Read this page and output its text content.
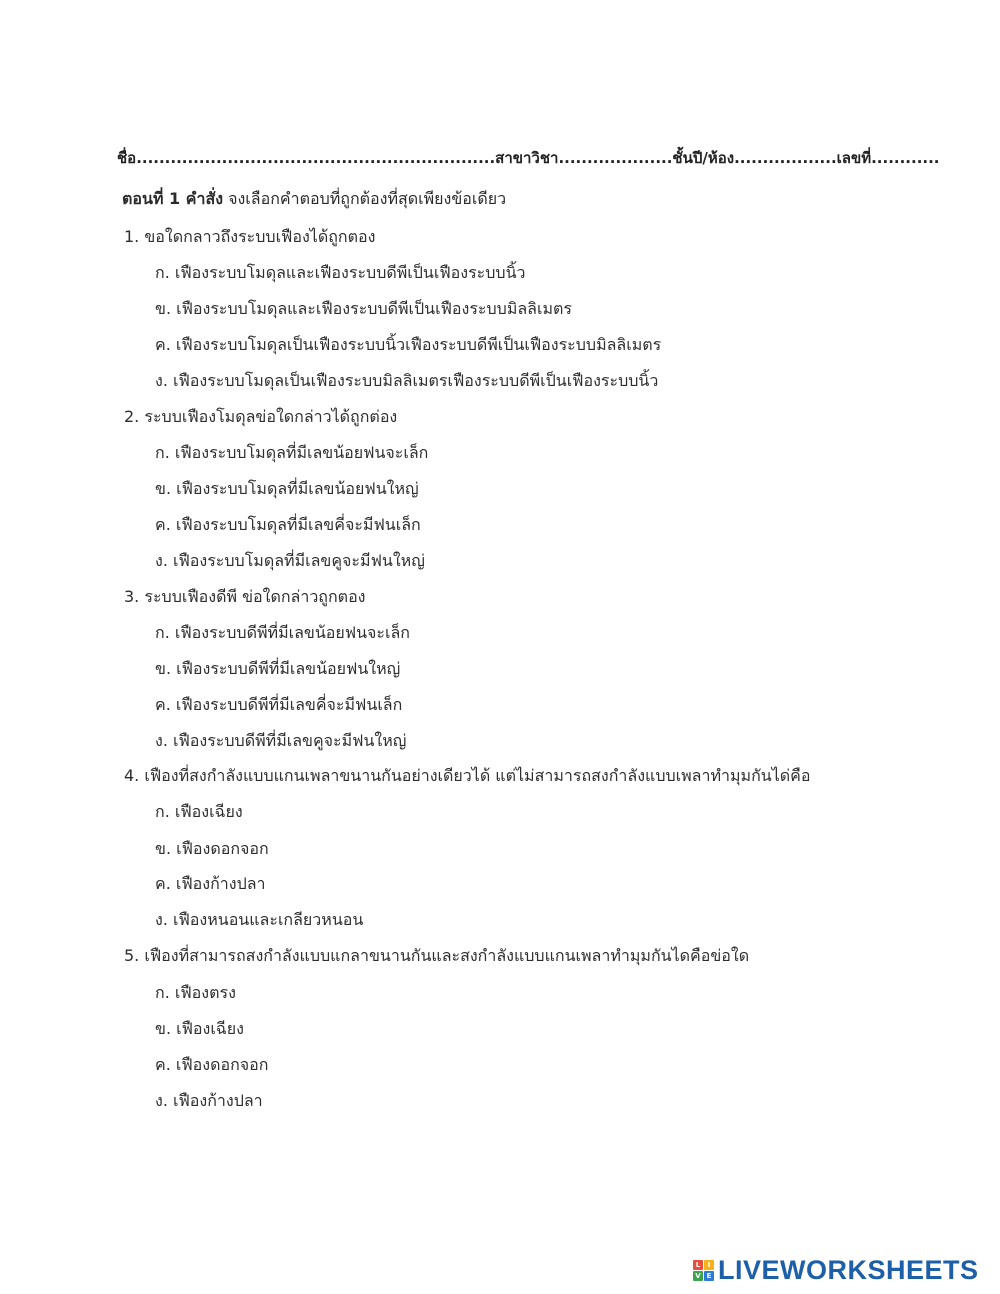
ชื่อ...............................................................สาขาวิชา....................ชั้นปี/ห้อง..................เลขที่............
ตอนที่ 1 คำสั่ง จงเลือกคำตอบที่ถูกต้องที่สุดเพียงข้อเดียว
1. ขอใดกลาวถึงระบบเฟืองได้ถูกตอง
ก. เฟืองระบบโมดุลและเฟืองระบบดีพีเป็นเฟืองระบบนิ้ว
ข. เฟืองระบบโมดุลและเฟืองระบบดีพีเป็นเฟืองระบบมิลลิเมตร
ค. เฟืองระบบโมดุลเป็นเฟืองระบบนิ้วเฟืองระบบดีพีเป็นเฟืองระบบมิลลิเมตร
ง. เฟืองระบบโมดุลเป็นเฟืองระบบมิลลิเมตรเฟืองระบบดีพีเป็นเฟืองระบบนิ้ว
2. ระบบเฟืองโมดุลข่อใดกล่าวได้ถูกต่อง
ก. เฟืองระบบโมดุลที่มีเลขน้อยฟนจะเล็ก
ข. เฟืองระบบโมดุลที่มีเลขน้อยฟนใหญ่
ค. เฟืองระบบโมดุลที่มีเลขคี่จะมีฟนเล็ก
ง. เฟืองระบบโมดุลที่มีเลขคูจะมีฟนใหญ่
3. ระบบเฟืองดีพี ข่อใดกล่าวถูกตอง
ก. เฟืองระบบดีพีที่มีเลขน้อยฟนจะเล็ก
ข. เฟืองระบบดีพีที่มีเลขน้อยฟนใหญ่
ค. เฟืองระบบดีพีที่มีเลขคี่จะมีฟนเล็ก
ง. เฟืองระบบดีพีที่มีเลขคูจะมีฟนใหญ่
4. เฟืองที่สงกำลังแบบแกนเพลาขนานกันอย่างเดียวได้ แต่ไม่สามารถสงกำลังแบบเพลาทำมุมกันได่คือ
ก. เฟืองเฉียง
ข. เฟืองดอกจอก
ค. เฟืองก้างปลา
ง. เฟืองหนอนและเกลียวหนอน
5. เฟืองที่สามารถสงกำลังแบบแกลาขนานกันและสงกำลังแบบแกนเพลาทำมุมกันไดคือข่อใด
ก. เฟืองตรง
ข. เฟืองเฉียง
ค. เฟืองดอกจอก
ง. เฟืองก้างปลา
L	I
V E LIVEWORKSHEETS
